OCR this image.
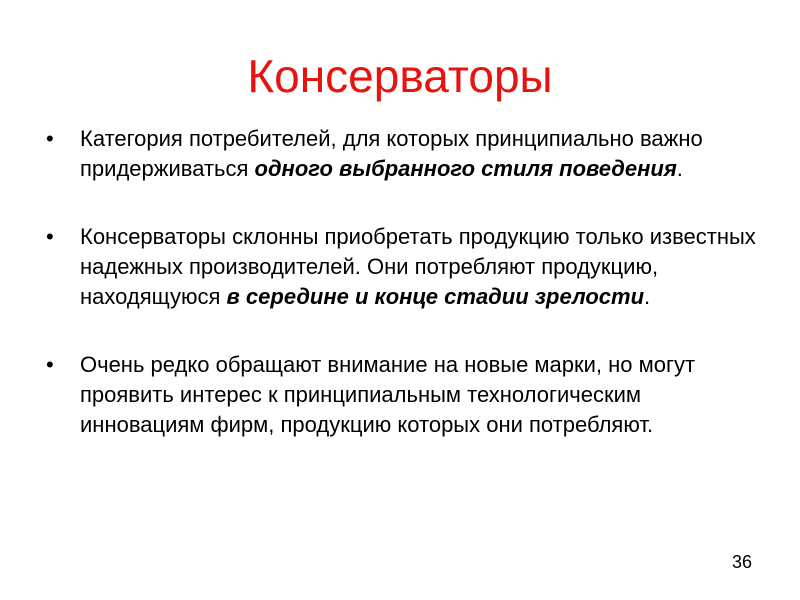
Консерваторы
•	Категория потребителей, для которых принципиально важно придерживаться одного выбранного стиля поведения.
•	Консерваторы склонны приобретать продукцию только известных надежных производителей. Они потребляют продукцию, находящуюся в середине и конце стадии зрелости.
•	Очень редко обращают внимание на новые марки, но могут проявить интерес к принципиальным технологическим инновациям фирм, продукцию которых они потребляют.
36
